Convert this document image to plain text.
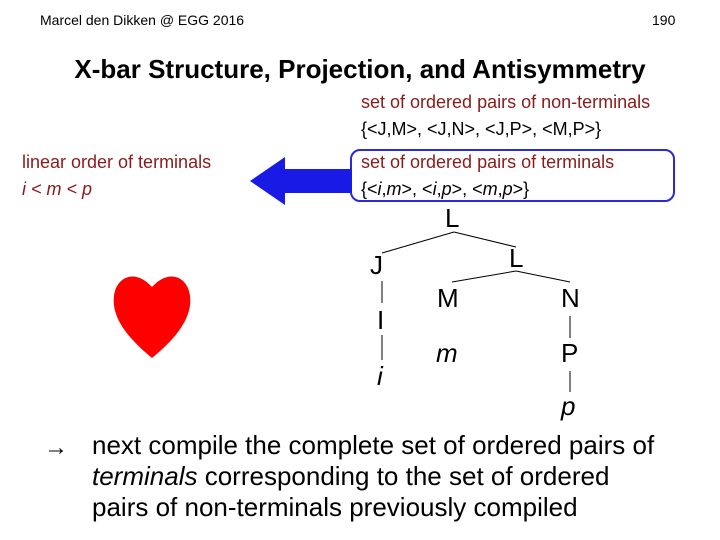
Marcel den Dikken @ EGG 2016	190
X-bar Structure, Projection, and Antisymmetry
set of ordered pairs of non-terminals
{<J,M>, <J,N>, <J,P>, <M,P>}
linear order of terminals
i < m < p
set of ordered pairs of terminals
{<i,m>, <i,p>, <m,p>}
L
J	L
M	N
I
i
m	P
p
→ next compile the complete set of ordered pairs of
terminals corresponding to the set of ordered
pairs of non-terminals previously compiled
